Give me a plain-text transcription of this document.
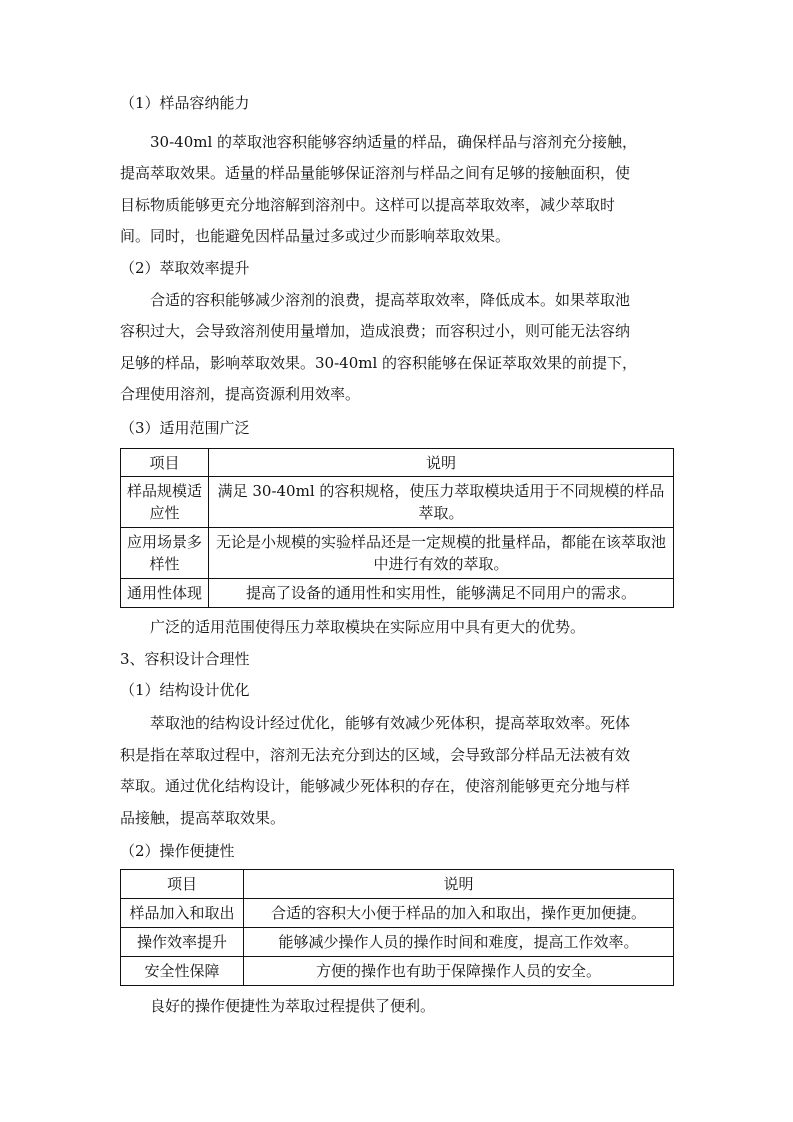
（1）样品容纳能力
30-40ml 的萃取池容积能够容纳适量的样品，确保样品与溶剂充分接触，
提高萃取效果。适量的样品量能够保证溶剂与样品之间有足够的接触面积，使
目标物质能够更充分地溶解到溶剂中。这样可以提高萃取效率，减少萃取时
间。同时，也能避免因样品量过多或过少而影响萃取效果。
（2）萃取效率提升
合适的容积能够减少溶剂的浪费，提高萃取效率，降低成本。如果萃取池
容积过大，会导致溶剂使用量增加，造成浪费；而容积过小，则可能无法容纳
足够的样品，影响萃取效果。30-40ml 的容积能够在保证萃取效果的前提下，
合理使用溶剂，提高资源利用效率。
（3）适用范围广泛
项目	说明
样品规模适应性	满足 30-40ml 的容积规格，使压力萃取模块适用于不同规模的样品萃取。
应用场景多样性	无论是小规模的实验样品还是一定规模的批量样品，都能在该萃取池中进行有效的萃取。
通用性体现	提高了设备的通用性和实用性，能够满足不同用户的需求。
广泛的适用范围使得压力萃取模块在实际应用中具有更大的优势。
3、容积设计合理性
（1）结构设计优化
萃取池的结构设计经过优化，能够有效减少死体积，提高萃取效率。死体
积是指在萃取过程中，溶剂无法充分到达的区域，会导致部分样品无法被有效
萃取。通过优化结构设计，能够减少死体积的存在，使溶剂能够更充分地与样
品接触，提高萃取效果。
（2）操作便捷性
项目	说明
样品加入和取出	合适的容积大小便于样品的加入和取出，操作更加便捷。
操作效率提升	能够减少操作人员的操作时间和难度，提高工作效率。
安全性保障	方便的操作也有助于保障操作人员的安全。
良好的操作便捷性为萃取过程提供了便利。
